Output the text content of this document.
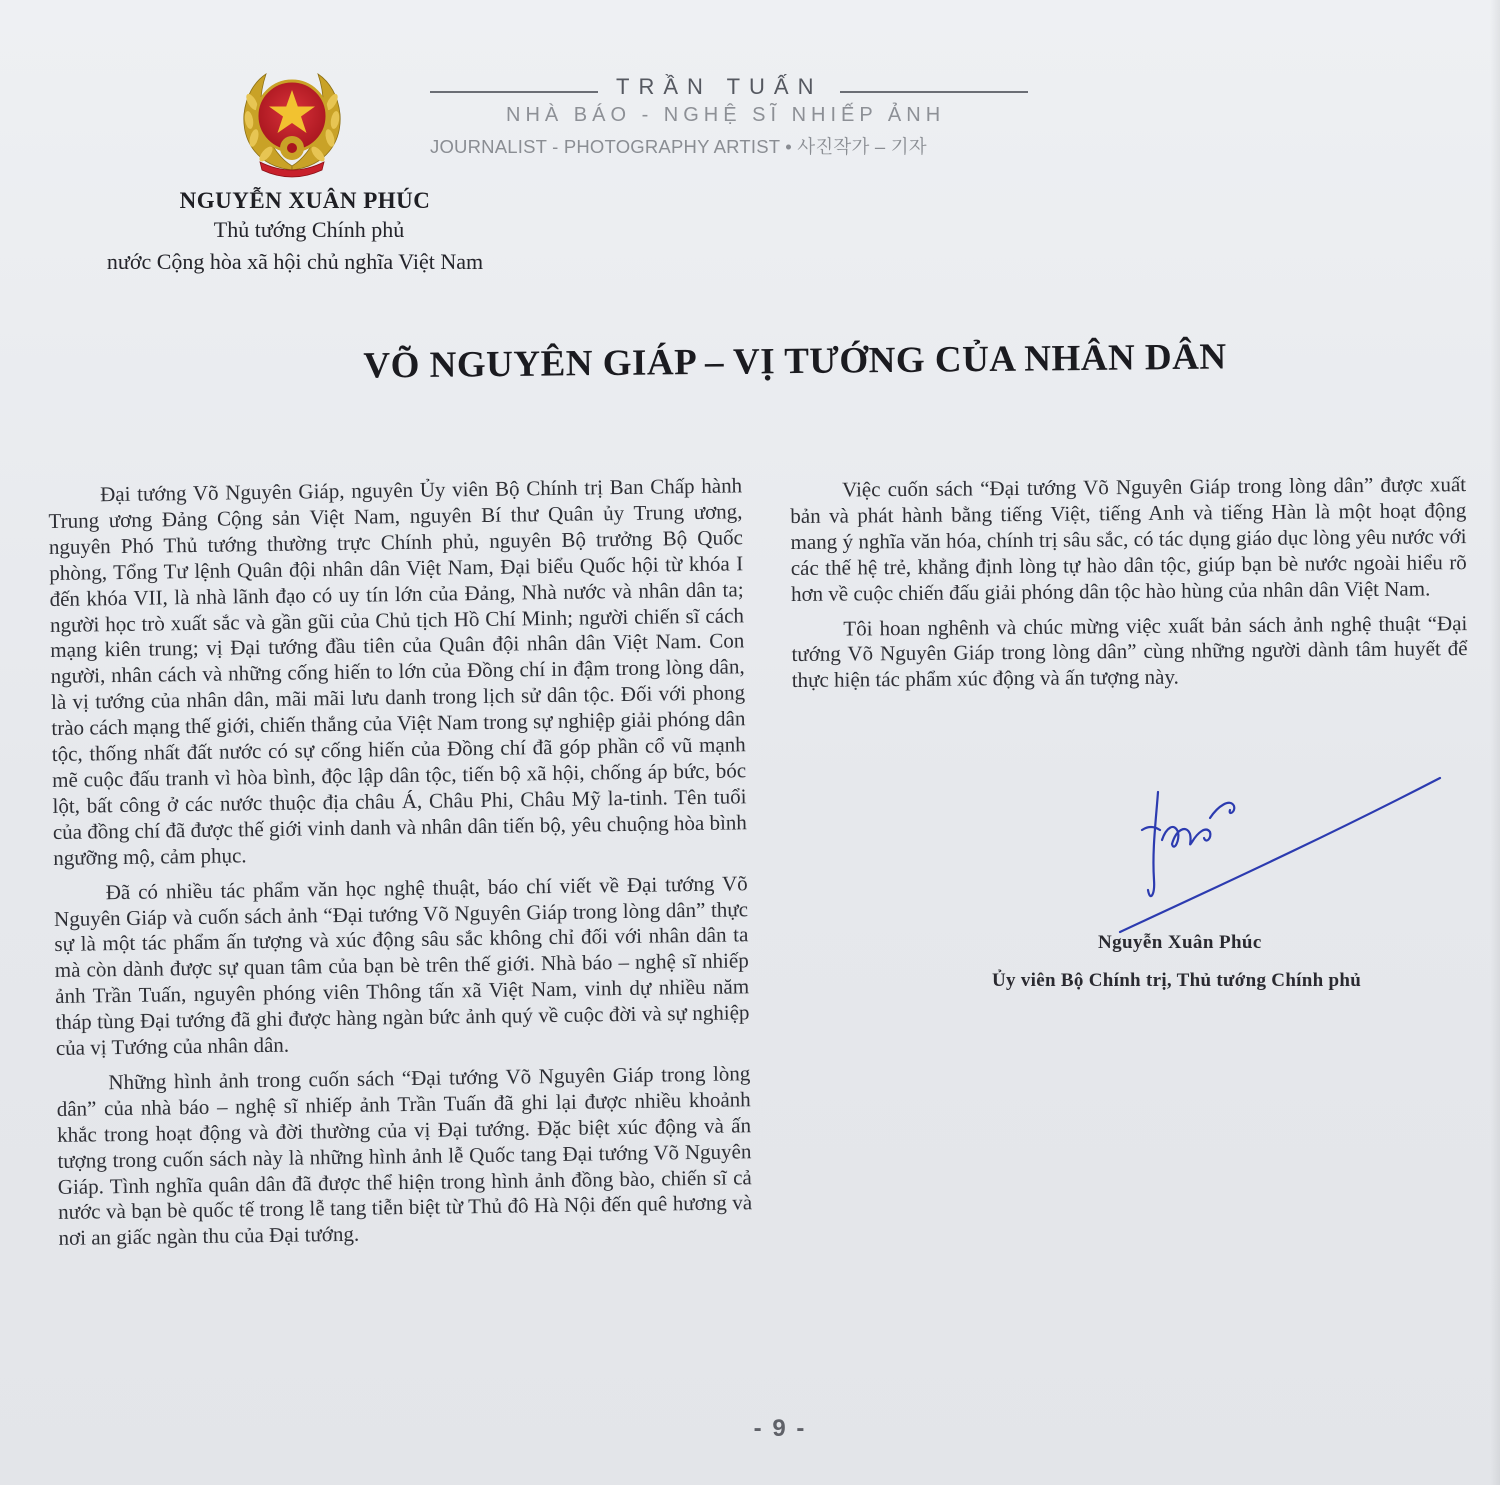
TRẦN TUẤN
NHÀ BÁO - NGHỆ SĨ NHIẾP ẢNH
JOURNALIST - PHOTOGRAPHY ARTIST • 사진작가 – 기자
NGUYỄN XUÂN PHÚC
Thủ tướng Chính phủ
nước Cộng hòa xã hội chủ nghĩa Việt Nam
VÕ NGUYÊN GIÁP – VỊ TƯỚNG CỦA NHÂN DÂN

Đại tướng Võ Nguyên Giáp, nguyên Ủy viên Bộ Chính trị Ban Chấp hành Trung ương Đảng Cộng sản Việt Nam, nguyên Bí thư Quân ủy Trung ương, nguyên Phó Thủ tướng thường trực Chính phủ, nguyên Bộ trưởng Bộ Quốc phòng, Tổng Tư lệnh Quân đội nhân dân Việt Nam, Đại biểu Quốc hội từ khóa I đến khóa VII, là nhà lãnh đạo có uy tín lớn của Đảng, Nhà nước và nhân dân ta; người học trò xuất sắc và gần gũi của Chủ tịch Hồ Chí Minh; người chiến sĩ cách mạng kiên trung; vị Đại tướng đầu tiên của Quân đội nhân dân Việt Nam. Con người, nhân cách và những cống hiến to lớn của Đồng chí in đậm trong lòng dân, là vị tướng của nhân dân, mãi mãi lưu danh trong lịch sử dân tộc. Đối với phong trào cách mạng thế giới, chiến thắng của Việt Nam trong sự nghiệp giải phóng dân tộc, thống nhất đất nước có sự cống hiến của Đồng chí đã góp phần cổ vũ mạnh mẽ cuộc đấu tranh vì hòa bình, độc lập dân tộc, tiến bộ xã hội, chống áp bức, bóc lột, bất công ở các nước thuộc địa châu Á, Châu Phi, Châu Mỹ la-tinh. Tên tuổi của đồng chí đã được thế giới vinh danh và nhân dân tiến bộ, yêu chuộng hòa bình ngưỡng mộ, cảm phục.

Đã có nhiều tác phẩm văn học nghệ thuật, báo chí viết về Đại tướng Võ Nguyên Giáp và cuốn sách ảnh “Đại tướng Võ Nguyên Giáp trong lòng dân” thực sự là một tác phẩm ấn tượng và xúc động sâu sắc không chỉ đối với nhân dân ta mà còn dành được sự quan tâm của bạn bè trên thế giới. Nhà báo – nghệ sĩ nhiếp ảnh Trần Tuấn, nguyên phóng viên Thông tấn xã Việt Nam, vinh dự nhiều năm tháp tùng Đại tướng đã ghi được hàng ngàn bức ảnh quý về cuộc đời và sự nghiệp của vị Tướng của nhân dân.

Những hình ảnh trong cuốn sách “Đại tướng Võ Nguyên Giáp trong lòng dân” của nhà báo – nghệ sĩ nhiếp ảnh Trần Tuấn đã ghi lại được nhiều khoảnh khắc trong hoạt động và đời thường của vị Đại tướng. Đặc biệt xúc động và ấn tượng trong cuốn sách này là những hình ảnh lễ Quốc tang Đại tướng Võ Nguyên Giáp. Tình nghĩa quân dân đã được thể hiện trong hình ảnh đồng bào, chiến sĩ cả nước và bạn bè quốc tế trong lễ tang tiễn biệt từ Thủ đô Hà Nội đến quê hương và nơi an giấc ngàn thu của Đại tướng.

Việc cuốn sách “Đại tướng Võ Nguyên Giáp trong lòng dân” được xuất bản và phát hành bằng tiếng Việt, tiếng Anh và tiếng Hàn là một hoạt động mang ý nghĩa văn hóa, chính trị sâu sắc, có tác dụng giáo dục lòng yêu nước với các thế hệ trẻ, khẳng định lòng tự hào dân tộc, giúp bạn bè nước ngoài hiểu rõ hơn về cuộc chiến đấu giải phóng dân tộc hào hùng của nhân dân Việt Nam.

Tôi hoan nghênh và chúc mừng việc xuất bản sách ảnh nghệ thuật “Đại tướng Võ Nguyên Giáp trong lòng dân” cùng những người dành tâm huyết để thực hiện tác phẩm xúc động và ấn tượng này.

Nguyễn Xuân Phúc
Ủy viên Bộ Chính trị, Thủ tướng Chính phủ
- 9 -
